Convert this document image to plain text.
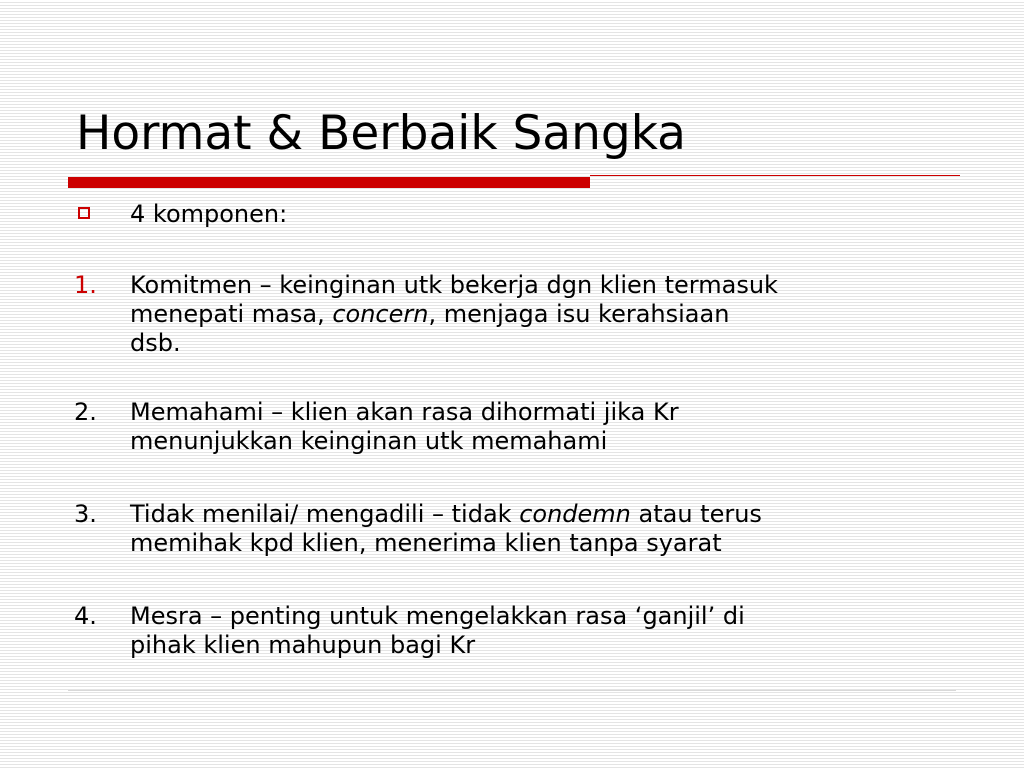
Hormat & Berbaik Sangka
4 komponen:
1. Komitmen – keinginan utk bekerja dgn klien termasuk
menepati masa, concern, menjaga isu kerahsiaan
dsb.
2. Memahami – klien akan rasa dihormati jika Kr
menunjukkan keinginan utk memahami
3. Tidak menilai/ mengadili – tidak condemn atau terus
memihak kpd klien, menerima klien tanpa syarat
4. Mesra – penting untuk mengelakkan rasa ‘ganjil’ di
pihak klien mahupun bagi Kr
